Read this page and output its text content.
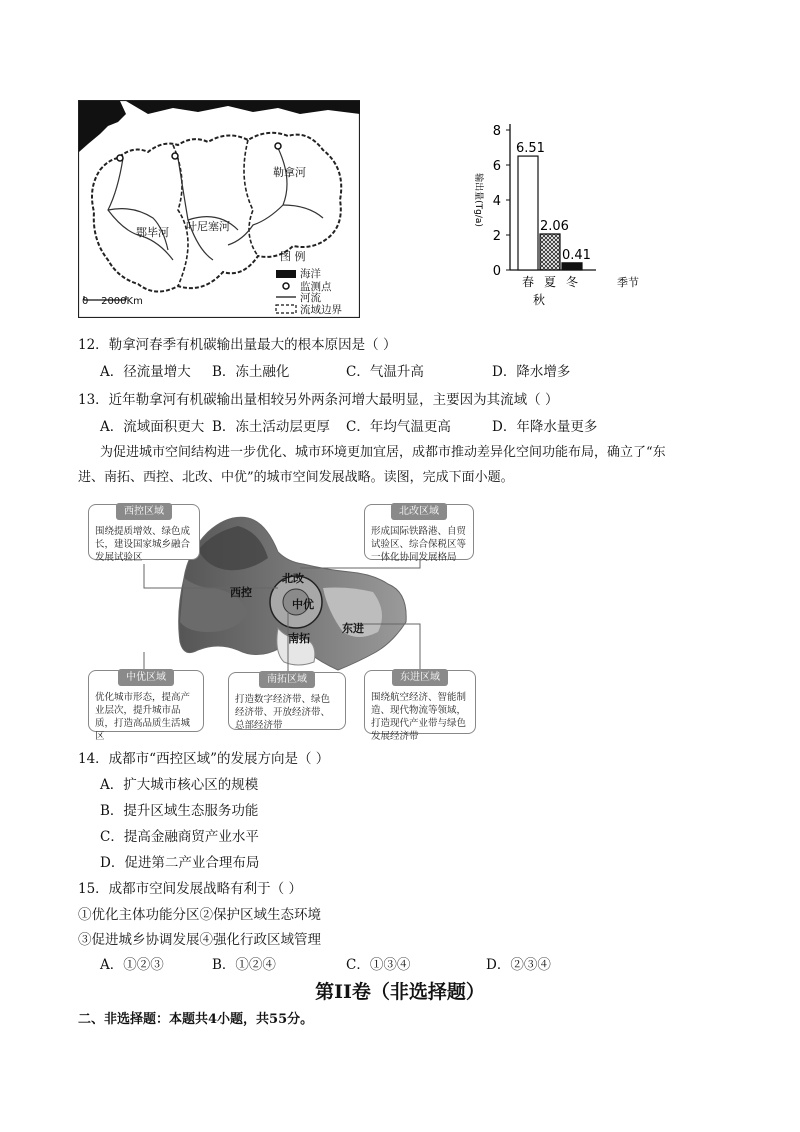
勒拿河
叶尼塞河
鄂毕河
图 例
海洋
监测点
河流
流域边界
0    2000Km
0
2
4
6
8
输出量(Tg/a)
6.51
春
2.06
夏
0.41
冬
秋
季节
12．勒拿河春季有机碳输出量最大的根本原因是（ ）
A．径流量增大 B．冻土融化	C．气温升高	D．降水增多
13．近年勒拿河有机碳输出量相较另外两条河增大最明显，主要因为其流域（ ）
A．流域面积更大 B．冻土活动层更厚 C．年均气温更高	D．年降水量更多
为促进城市空间结构进一步优化、城市环境更加宜居，成都市推动差异化空间功能布局，确立了“东
进、南拓、西控、北改、中优”的城市空间发展战略。读图，完成下面小题。
北改
西控
中优
南拓
东进
西控区域
围绕提质增效、绿色成长，建设国家城乡融合发展试验区
北改区域
形成国际铁路港、自贸试验区、综合保税区等一体化协同发展格局
中优区域
优化城市形态，提高产业层次，提升城市品质，打造高品质生活城区
南拓区域
打造数字经济带、绿色经济带、开放经济带、总部经济带
东进区域
围绕航空经济、智能制造、现代物流等领域，打造现代产业带与绿色发展经济带
14．成都市“西控区域”的发展方向是（ ）
A．扩大城市核心区的规模
B．提升区域生态服务功能
C．提高金融商贸产业水平
D．促进第二产业合理布局
15．成都市空间发展战略有利于（ ）
①优化主体功能分区②保护区域生态环境
③促进城乡协调发展④强化行政区域管理
A．①②③	B．①②④	C．①③④	D．②③④
第II卷（非选择题）
二、非选择题：本题共4小题，共55分。
